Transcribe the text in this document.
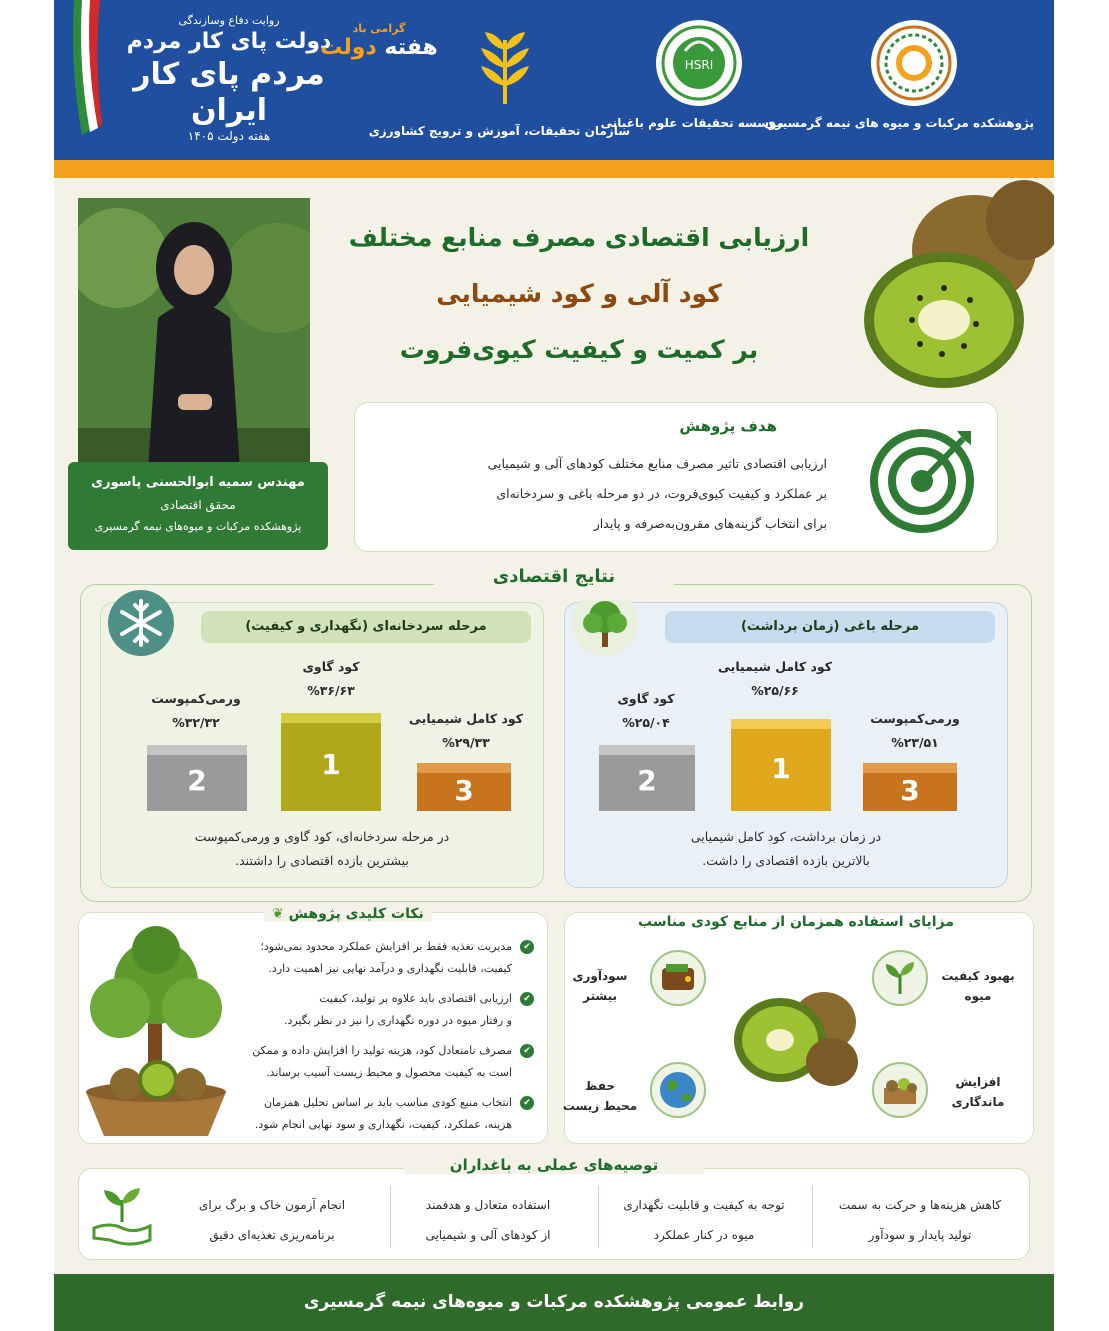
روایت دفاع وسازندگی
دولت پای کار مردم
مردم پای کار ایران
هفته دولت ۱۴۰۵
گرامی باد
هفته دولت
سازمان تحقیقات، آموزش و ترویج کشاورزی
HSRI
موسسه تحقیقات علوم باغبانی
پژوهشکده مرکبات و میوه های نیمه گرمسیری
ارزیابی اقتصادی مصرف منابع مختلف
کود آلی و کود شیمیایی
بر کمیت و کیفیت کیوی‌فروت
مهندس سمیه ابوالحسنی پاسوری
محقق اقتصادی
پژوهشکده مرکبات و میوه‌های نیمه گرمسیری
هدف پژوهش
ارزیابی اقتصادی تاثیر مصرف منابع مختلف کودهای آلی و شیمیایی
بر عملکرد و کیفیت کیوی‌فروت، در دو مرحله باغی و سردخانه‌ای
برای انتخاب گزینه‌های مقرون‌به‌صرفه و پایدار
نتایج اقتصادی
مرحله سردخانه‌ای (نگهداری و کیفیت)
کود گاوی
%۳۶/۶۳
ورمی‌کمپوست
%۳۲/۳۲	کود کامل شیمیایی
%۲۹/۳۳
1
2	3
در مرحله سردخانه‌ای، کود گاوی و ورمی‌کمپوست
بیشترین بازده اقتصادی را داشتند.
مرحله باغی (زمان برداشت)
کود کامل شیمیایی
%۲۵/۶۶
کود گاوی
%۲۵/۰۴	ورمی‌کمپوست
%۲۳/۵۱
1
2	3
در زمان برداشت، کود کامل شیمیایی
بالاترین بازده اقتصادی را داشت.
نکات کلیدی پژوهش ❦
✔
مدیریت تغذیه فقط بر افزایش عملکرد محدود نمی‌شود؛
کیفیت، قابلیت نگهداری و درآمد نهایی نیز اهمیت دارد.
✔
ارزیابی اقتصادی باید علاوه بر تولید، کیفیت
و رفتار میوه در دوره نگهداری را نیز در نظر بگیرد.
✔
مصرف نامتعادل کود، هزینه تولید را افزایش داده و ممکن
است به کیفیت محصول و محیط زیست آسیب برساند.
✔
انتخاب منبع کودی مناسب باید بر اساس تحلیل همزمان
هزینه، عملکرد، کیفیت، نگهداری و سود نهایی انجام شود.
مزایای استفاده همزمان از منابع کودی مناسب
سودآوری
بیشتر
بهبود کیفیت
میوه
حفظ
محیط زیست
افزایش
ماندگاری
توصیه‌های عملی به باغداران
کاهش هزینه‌ها و حرکت به سمت
تولید پایدار و سودآور
توجه به کیفیت و قابلیت نگهداری
میوه در کنار عملکرد
استفاده متعادل و هدفمند
از کودهای آلی و شیمیایی
انجام آزمون خاک و برگ برای
برنامه‌ریزی تغذیه‌ای دقیق
روابط عمومی پژوهشکده مرکبات و میوه‌های نیمه گرمسیری
